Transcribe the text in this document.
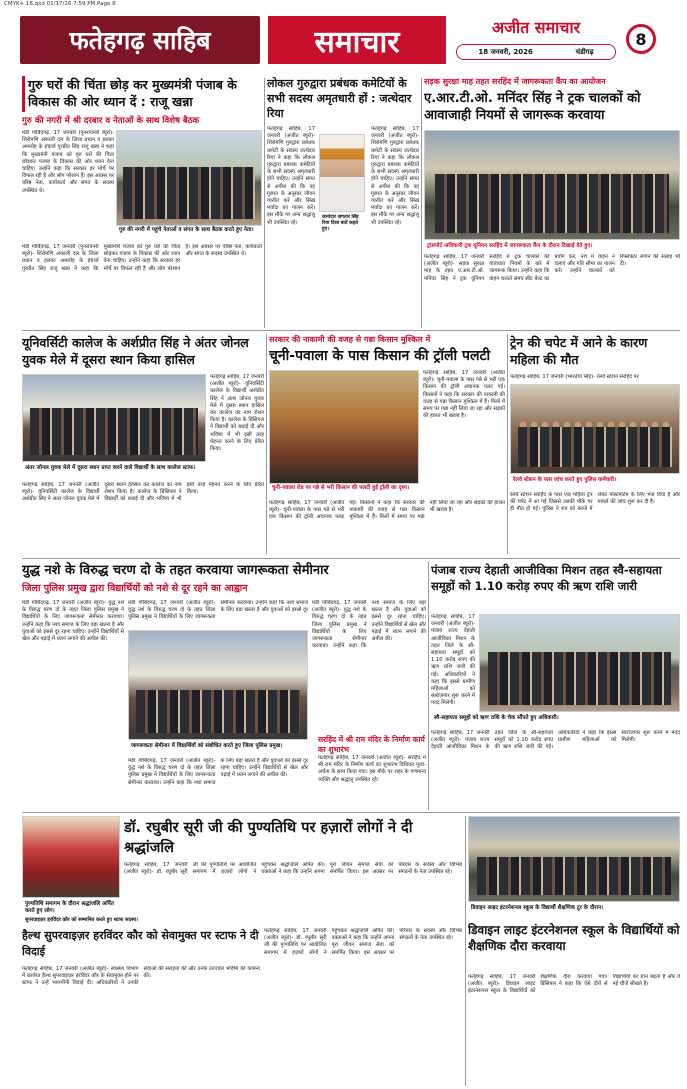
CMYK+ 18.qxd 01/17/26 7:59 PM Page 8
फतेहगढ़ साहिब	समाचार	अजीत समाचार
18 जनवरी, 2026	चंडीगढ़
8
गुरु घरों की चिंता छोड़ कर मुख्यमंत्री पंजाब के विकास की ओर ध्यान दें : राजू खन्ना
गुरु की नगरी में श्री दरबार व नेताओं के साथ विशेष बैठक
मंडी गोबिंदगढ़, 17 जनवरी (पुनरायनरी ब्यूरो)- शिरोमणि अकाली दल के जिला प्रधान व हलका अमलोह के इंचार्ज गुरप्रीत सिंह राजू खन्ना ने कहा कि मुख्यमंत्री पंजाब को गुरु घरों की चिंता छोड़कर पंजाब के विकास की ओर ध्यान देना चाहिए। उन्होंने कहा कि सरकार हर मोर्चे पर विफल रही है और लोग परेशान हैं। इस अवसर पर वरिष्ठ नेता, कार्यकर्ता और संगत के सदस्य उपस्थित थे।
गुरु की नगरी में पहुंचे नेताओं व संगत के साथ बैठक करते हुए नेता।
मंडी गोबिंदगढ़, 17 जनवरी (पुनरायनरी ब्यूरो)- शिरोमणि अकाली दल के जिला प्रधान व हलका अमलोह के इंचार्ज गुरप्रीत सिंह राजू खन्ना ने कहा कि मुख्यमंत्री पंजाब को गुरु घरों की चिंता छोड़कर पंजाब के विकास की ओर ध्यान देना चाहिए। उन्होंने कहा कि सरकार हर मोर्चे पर विफल रही है और लोग परेशान हैं। इस अवसर पर वरिष्ठ नेता, कार्यकर्ता और संगत के सदस्य उपस्थित थे।
लोकल गुरुद्वारा प्रबंधक कमेटियों के सभी सदस्य अमृतधारी हों : जत्थेदार रिया
फतेहगढ़ साहिब, 17 जनवरी (अजीत ब्यूरो)- शिरोमणि गुरुद्वारा प्रबंधक कमेटी के सदस्य जत्थेदार रिया ने कहा कि लोकल गुरुद्वारा प्रबंधक कमेटियों के सभी सदस्य अमृतधारी होने चाहिए। उन्होंने संगत से अपील की कि वह गुरमत के अनुसार जीवन व्यतीत करें और सिख मर्यादा का पालन करें। इस मौके पर अन्य श्रद्धालु भी उपस्थित रहे।
जत्थेदार जगतार सिंह रिया दिव्य बातें कहते हुए।
फतेहगढ़ साहिब, 17 जनवरी (अजीत ब्यूरो)- शिरोमणि गुरुद्वारा प्रबंधक कमेटी के सदस्य जत्थेदार रिया ने कहा कि लोकल गुरुद्वारा प्रबंधक कमेटियों के सभी सदस्य अमृतधारी होने चाहिए। उन्होंने संगत से अपील की कि वह गुरमत के अनुसार जीवन व्यतीत करें और सिख मर्यादा का पालन करें। इस मौके पर अन्य श्रद्धालु भी उपस्थित रहे।
सड़क सुरक्षा माह तहत सरहिंद में जागरूकता कैंप का आयोजन
ए.आर.टी.ओ. मनिंदर सिंह ने ट्रक चालकों को आवाजाही नियमों से जागरूक करवाया
ट्रांसपोर्ट अधिकारी ट्रक यूनियन सरहिंद में जागरूकता कैंप के दौरान दिखाई देते हुए।
फतेहगढ़ साहिब, 17 जनवरी (अजीत ब्यूरो)- सड़क सुरक्षा माह के तहत ए.आर.टी.ओ. मनिंदर सिंह ने ट्रक यूनियन सरहिंद में ट्रक चालकों को यातायात नियमों के बारे में जागरूक किया। उन्होंने कहा कि वाहन चलाते समय सीट बेल्ट का प्रयोग करें, नशे में वाहन न चलाएं और गति सीमा का पालन करें। उन्होंने चालकों को रिफ्लेक्टर लगाने की सलाह भी दी।
यूनिवर्सिटी कालेज के अर्शप्रीत सिंह ने अंतर जोनल युवक मेले में दूसरा स्थान किया हासिल
फतेहगढ़ साहिब, 17 जनवरी (अजीत ब्यूरो)- यूनिवर्सिटी कालेज के विद्यार्थी अर्शप्रीत सिंह ने अंतर जोनल युवक मेले में दूसरा स्थान हासिल कर कालेज का नाम रोशन किया है। कालेज के प्रिंसिपल ने विद्यार्थी को बधाई दी और भविष्य में भी इसी तरह मेहनत करने के लिए प्रेरित किया।
अंतर जोनल युवक मेले में दूसरा स्थान प्राप्त करने वाले विद्यार्थी के साथ कालेज स्टाफ।
फतेहगढ़ साहिब, 17 जनवरी (अजीत ब्यूरो)- यूनिवर्सिटी कालेज के विद्यार्थी अर्शप्रीत सिंह ने अंतर जोनल युवक मेले में दूसरा स्थान हासिल कर कालेज का नाम रोशन किया है। कालेज के प्रिंसिपल ने विद्यार्थी को बधाई दी और भविष्य में भी इसी तरह मेहनत करने के लिए प्रेरित किया।
सरकार की नाकामी की वजह से गन्ना किसान मुश्किल में
चूनी-पवाला के पास किसान की ट्रॉली पलटी
फतेहगढ़ साहिब, 17 जनवरी (अजीत ब्यूरो)- चूनी-पवाला के पास गन्ने से भरी एक किसान की ट्रॉली अचानक पलट गई। किसानों ने कहा कि सरकार की नाकामी की वजह से गन्ना किसान मुश्किल में हैं। मिलों में समय पर गन्ना नहीं लिया जा रहा और सड़कों की हालत भी खराब है।
चूनी-पवाला रोड पर गन्ने से भरी किसान की पलटी हुई ट्रॉली का दृश्य।
फतेहगढ़ साहिब, 17 जनवरी (अजीत ब्यूरो)- चूनी-पवाला के पास गन्ने से भरी एक किसान की ट्रॉली अचानक पलट गई। किसानों ने कहा कि सरकार की नाकामी की वजह से गन्ना किसान मुश्किल में हैं। मिलों में समय पर गन्ना नहीं लिया जा रहा और सड़कों की हालत भी खराब है।
ट्रेन की चपेट में आने के कारण महिला की मौत
फतेहगढ़ साहिब, 17 जनवरी (भारतीय सिंह)- रेलवे स्टेशन सरहिंद पर
रेलवे स्टेशन के पास जांच करते हुए पुलिस कर्मचारी।
रेलवे स्टेशन सरहिंद के पास एक महिला ट्रेन की चपेट में आ गई जिससे उसकी मौके पर ही मौत हो गई। पुलिस ने शव को कब्जे में लेकर पोस्टमार्टम के लिए भेज दिया है और मामले की जांच शुरू कर दी है।
युद्ध नशे के विरुद्ध चरण दो के तहत करवाया जागरूकता सेमीनार
जिला पुलिस प्रमुख द्वारा विद्यार्थियों को नशे से दूर रहने का आह्वान
मंडी गोबिंदगढ़, 17 जनवरी (अजीत ब्यूरो)- युद्ध नशे के विरुद्ध चरण दो के तहत जिला पुलिस प्रमुख ने विद्यार्थियों के लिए जागरूकता सेमीनार करवाया। उन्होंने कहा कि नशा समाज के लिए बड़ा खतरा है और युवाओं को इससे दूर रहना चाहिए। उन्होंने विद्यार्थियों से खेल और पढ़ाई में ध्यान लगाने की अपील की।
मंडी गोबिंदगढ़, 17 जनवरी (अजीत ब्यूरो)- युद्ध नशे के विरुद्ध चरण दो के तहत जिला पुलिस प्रमुख ने विद्यार्थियों के लिए जागरूकता सेमीनार करवाया। उन्होंने कहा कि नशा समाज के लिए बड़ा खतरा है और युवाओं को इससे दूर
जागरूकता सेमीनार में विद्यार्थियों को संबोधित करते हुए जिला पुलिस प्रमुख।
मंडी गोबिंदगढ़, 17 जनवरी (अजीत ब्यूरो)- युद्ध नशे के विरुद्ध चरण दो के तहत जिला पुलिस प्रमुख ने विद्यार्थियों के लिए जागरूकता सेमीनार करवाया। उन्होंने कहा कि नशा समाज के लिए बड़ा खतरा है और युवाओं को इससे दूर रहना चाहिए। उन्होंने विद्यार्थियों से खेल और पढ़ाई में ध्यान लगाने की अपील की।
मंडी गोबिंदगढ़, 17 जनवरी (अजीत ब्यूरो)- युद्ध नशे के विरुद्ध चरण दो के तहत जिला पुलिस प्रमुख ने विद्यार्थियों के लिए जागरूकता सेमीनार करवाया। उन्होंने कहा कि नशा समाज के लिए बड़ा खतरा है और युवाओं को इससे दूर रहना चाहिए। उन्होंने विद्यार्थियों से खेल और पढ़ाई में ध्यान लगाने की अपील की।
सरहिंद में श्री राम मंदिर के निर्माण कार्य का शुभारंभ
फतेहगढ़ साहिब, 17 जनवरी (अजीत ब्यूरो)- सरहिंद में श्री राम मंदिर के निर्माण कार्य का शुभारंभ विधिवत पूजा-अर्चना के साथ किया गया। इस मौके पर शहर के गणमान्य व्यक्ति और श्रद्धालु उपस्थित रहे।
पंजाब राज्य देहाती आजीविका मिशन तहत स्वै-सहायता समूहों को 1.10 करोड़ रुपए की ऋण राशि जारी
फतेहगढ़ साहिब, 17 जनवरी (अजीत ब्यूरो)- पंजाब राज्य देहाती आजीविका मिशन के तहत जिले के स्वै-सहायता समूहों को 1.10 करोड़ रुपए की ऋण राशि जारी की गई। अधिकारियों ने कहा कि इससे ग्रामीण महिलाओं को स्वरोजगार शुरू करने में मदद मिलेगी।
स्वै-सहायता समूहों को ऋण राशि के चेक सौंपते हुए अधिकारी।
फतेहगढ़ साहिब, 17 जनवरी (अजीत ब्यूरो)- पंजाब राज्य देहाती आजीविका मिशन के तहत जिले के स्वै-सहायता समूहों को 1.10 करोड़ रुपए की ऋण राशि जारी की गई। अधिकारियों ने कहा कि इससे ग्रामीण महिलाओं को स्वरोजगार शुरू करने में मदद मिलेगी।
पुण्यतिथि समागम के दौरान श्रद्धांजलि अर्पित करते हुए लोग।
डॉ. रघुबीर सूरी जी की पुण्यतिथि पर हज़ारों लोगों ने दी श्रद्धांजलि
फतेहगढ़ साहिब, 17 जनवरी (अजीत ब्यूरो)- डॉ. रघुबीर सूरी जी की पुण्यतिथि पर आयोजित समागम में हज़ारों लोगों ने पहुंचकर श्रद्धांजलि अर्पित की। वक्ताओं ने कहा कि उन्होंने अपना पूरा जीवन समाज सेवा को समर्पित किया। इस अवसर पर परिवार के सदस्य और विभिन्न संगठनों के नेता उपस्थित रहे।
हैल्थ सुपरवाइज़र हरविंदर कौर को सेवामुक्त पर स्टाफ ने दी विदाई
फतेहगढ़ साहिब, 17 जनवरी (अजीत ब्यूरो)- स्वास्थ्य विभाग में कार्यरत हैल्थ सुपरवाइज़र हरविंदर कौर के सेवामुक्त होने पर स्टाफ ने उन्हें भावभीनी विदाई दी। अधिकारियों ने उनकी सेवाओं की सराहना की और उनके उज्ज्वल भविष्य की कामना की।
सुपरवाइज़र हरविंदर कौर को सम्मानित करते हुए स्टाफ सदस्य।
फतेहगढ़ साहिब, 17 जनवरी (अजीत ब्यूरो)- डॉ. रघुबीर सूरी जी की पुण्यतिथि पर आयोजित समागम में हज़ारों लोगों ने पहुंचकर श्रद्धांजलि अर्पित की। वक्ताओं ने कहा कि उन्होंने अपना पूरा जीवन समाज सेवा को समर्पित किया। इस अवसर पर परिवार के सदस्य और विभिन्न संगठनों के नेता उपस्थित रहे।
डिवाइन लाइट इंटरनेशनल स्कूल के विद्यार्थी शैक्षणिक टूर के दौरान।
डिवाइन लाइट इंटरनेशनल स्कूल के विद्यार्थियों को शैक्षणिक दौरा करवाया
फतेहगढ़ साहिब, 17 जनवरी (अजीत ब्यूरो)- डिवाइन लाइट इंटरनेशनल स्कूल के विद्यार्थियों को शैक्षणिक दौरा करवाया गया। प्रिंसिपल ने कहा कि ऐसे दौरों से विद्यार्थियों का ज्ञान बढ़ता है और वे नई चीजें सीखते हैं।
